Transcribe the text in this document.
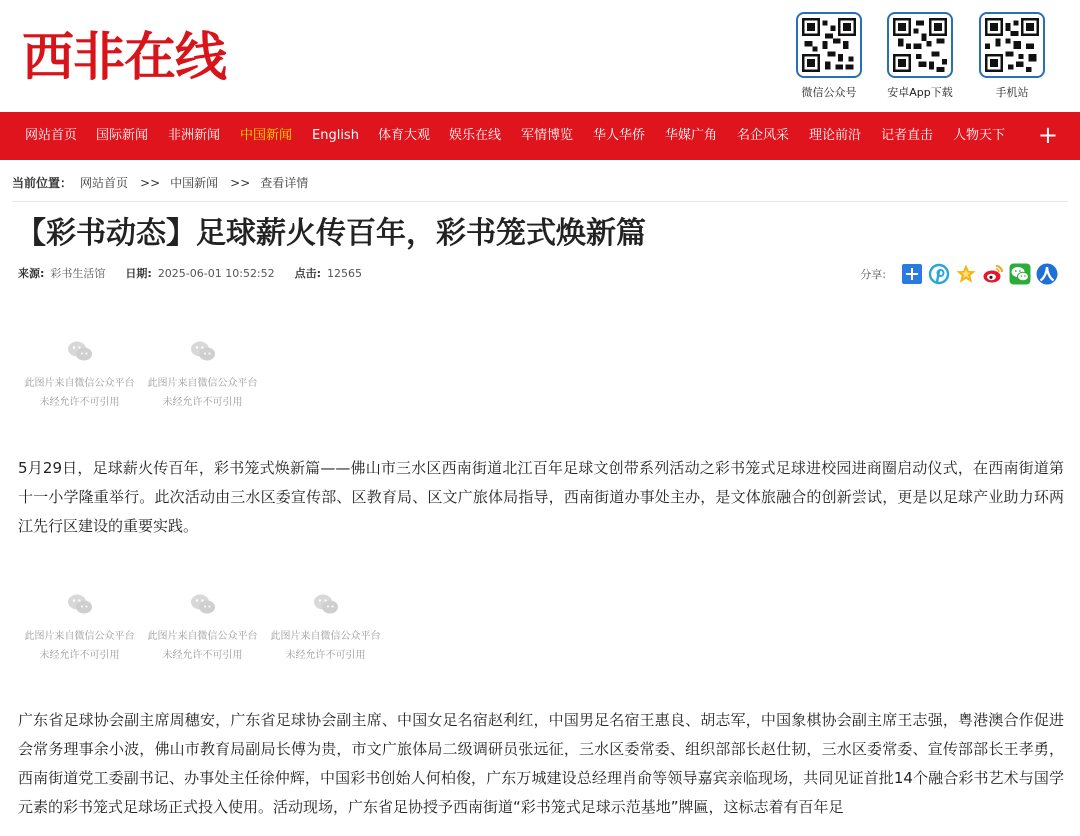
西非在线
微信公众号	安卓App下载	手机站
网站首页 国际新闻 非洲新闻 中国新闻 English 体育大观 娱乐在线 军情博览 华人华侨 华媒广角 名企风采 理论前沿 记者直击 人物天下 +
当前位置： 网站首页 >> 中国新闻 >> 查看详情
【彩书动态】足球薪火传百年，彩书笼式焕新篇
来源: 彩书生活馆 日期: 2025-06-01 10:52:52 点击: 12565	分享:
此图片来自微信公众平台
未经允许不可引用
此图片来自微信公众平台
未经允许不可引用

5月29日，足球薪火传百年，彩书笼式焕新篇——佛山市三水区西南街道北江百年足球文创带系列活动之彩书笼式足球进校园进商圈启动仪式，在西南街道第十一小学隆重举行。此次活动由三水区委宣传部、区教育局、区文广旅体局指导，西南街道办事处主办，是文体旅融合的创新尝试，更是以足球产业助力环两江先行区建设的重要实践。

此图片来自微信公众平台
未经允许不可引用
此图片来自微信公众平台
未经允许不可引用
此图片来自微信公众平台
未经允许不可引用

广东省足球协会副主席周穗安，广东省足球协会副主席、中国女足名宿赵利红，中国男足名宿王惠良、胡志军，中国象棋协会副主席王志强，粤港澳合作促进会常务理事余小波，佛山市教育局副局长傅为贵，市文广旅体局二级调研员张远征，三水区委常委、组织部部长赵仕韧，三水区委常委、宣传部部长王孝勇，西南街道党工委副书记、办事处主任徐仲辉，中国彩书创始人何柏俊，广东万城建设总经理肖俞等领导嘉宾亲临现场，共同见证首批14个融合彩书艺术与国学元素的彩书笼式足球场正式投入使用。活动现场，广东省足协授予西南街道“彩书笼式足球示范基地”牌匾，这标志着有百年足
